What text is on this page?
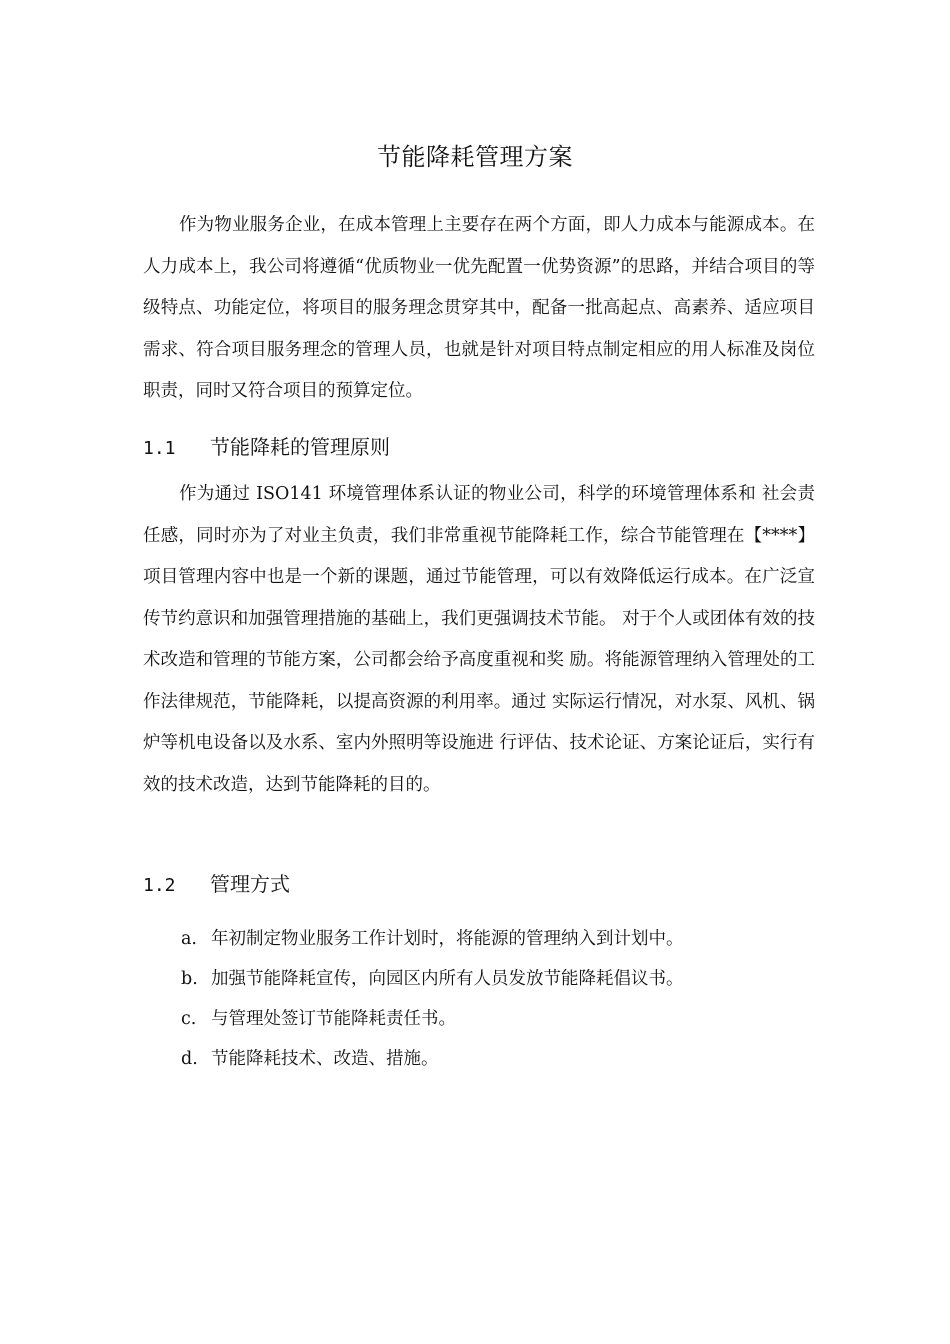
节能降耗管理方案

作为物业服务企业，在成本管理上主要存在两个方面，即人力成本与能源成本。在人力成本上，我公司将遵循“优质物业一优先配置一优势资源”的思路，并结合项目的等级特点、功能定位，将项目的服务理念贯穿其中，配备一批高起点、高素养、适应项目需求、符合项目服务理念的管理人员，也就是针对项目特点制定相应的用人标准及岗位职责，同时又符合项目的预算定位。

1.1 节能降耗的管理原则

作为通过 ISO141 环境管理体系认证的物业公司，科学的环境管理体系和 社会责任感，同时亦为了对业主负责，我们非常重视节能降耗工作，综合节能管理在【****】项目管理内容中也是一个新的课题，通过节能管理，可以有效降低运行成本。在广泛宣传节约意识和加强管理措施的基础上，我们更强调技术节能。 对于个人或团体有效的技术改造和管理的节能方案，公司都会给予高度重视和奖 励。将能源管理纳入管理处的工作法律规范，节能降耗，以提高资源的利用率。通过 实际运行情况，对水泵、风机、锅炉等机电设备以及水系、室内外照明等设施进 行评估、技术论证、方案论证后，实行有效的技术改造，达到节能降耗的目的。

1.2 管理方式
a. 年初制定物业服务工作计划时，将能源的管理纳入到计划中。
b. 加强节能降耗宣传，向园区内所有人员发放节能降耗倡议书。
c. 与管理处签订节能降耗责任书。
d. 节能降耗技术、改造、措施。
